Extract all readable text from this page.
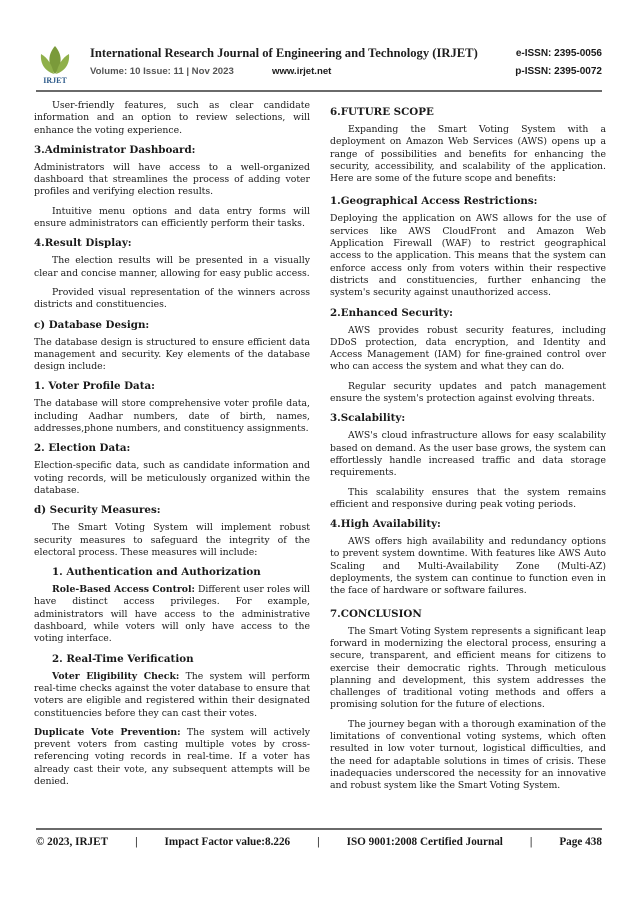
IRJET
International Research Journal of Engineering and Technology (IRJET)	e-ISSN: 2395-0056
Volume: 10 Issue: 11 | Nov 2023	www.irjet.net	p-ISSN: 2395-0072

User-friendly features, such as clear candidate information and an option to review selections, will enhance the voting experience.

3.Administrator Dashboard:

Administrators will have access to a well-organized dashboard that streamlines the process of adding voter profiles and verifying election results.

Intuitive menu options and data entry forms will ensure administrators can efficiently perform their tasks.

4.Result Display:

The election results will be presented in a visually clear and concise manner, allowing for easy public access.

Provided visual representation of the winners across districts and constituencies.

c) Database Design:

The database design is structured to ensure efficient data management and security. Key elements of the database design include:

1. Voter Profile Data:

The database will store comprehensive voter profile data, including Aadhar numbers, date of birth, names, addresses,phone numbers, and constituency assignments.

2. Election Data:

Election-specific data, such as candidate information and voting records, will be meticulously organized within the database.

d) Security Measures:

The Smart Voting System will implement robust security measures to safeguard the integrity of the electoral process. These measures will include:

1. Authentication and Authorization

Role-Based Access Control: Different user roles will have distinct access privileges. For example, administrators will have access to the administrative dashboard, while voters will only have access to the voting interface.

2. Real-Time Verification

Voter Eligibility Check: The system will perform real-time checks against the voter database to ensure that voters are eligible and registered within their designated constituencies before they can cast their votes.

Duplicate Vote Prevention: The system will actively prevent voters from casting multiple votes by cross-referencing voting records in real-time. If a voter has already cast their vote, any subsequent attempts will be denied.

6.FUTURE SCOPE

Expanding the Smart Voting System with a deployment on Amazon Web Services (AWS) opens up a range of possibilities and benefits for enhancing the security, accessibility, and scalability of the application. Here are some of the future scope and benefits:

1.Geographical Access Restrictions:

Deploying the application on AWS allows for the use of services like AWS CloudFront and Amazon Web Application Firewall (WAF) to restrict geographical access to the application. This means that the system can enforce access only from voters within their respective districts and constituencies, further enhancing the system's security against unauthorized access.

2.Enhanced Security:

AWS provides robust security features, including DDoS protection, data encryption, and Identity and Access Management (IAM) for fine-grained control over who can access the system and what they can do.

Regular security updates and patch management ensure the system's protection against evolving threats.

3.Scalability:

AWS's cloud infrastructure allows for easy scalability based on demand. As the user base grows, the system can effortlessly handle increased traffic and data storage requirements.

This scalability ensures that the system remains efficient and responsive during peak voting periods.

4.High Availability:

AWS offers high availability and redundancy options to prevent system downtime. With features like AWS Auto Scaling and Multi-Availability Zone (Multi-AZ) deployments, the system can continue to function even in the face of hardware or software failures.

7.CONCLUSION

The Smart Voting System represents a significant leap forward in modernizing the electoral process, ensuring a secure, transparent, and efficient means for citizens to exercise their democratic rights. Through meticulous planning and development, this system addresses the challenges of traditional voting methods and offers a promising solution for the future of elections.

The journey began with a thorough examination of the limitations of conventional voting systems, which often resulted in low voter turnout, logistical difficulties, and the need for adaptable solutions in times of crisis. These inadequacies underscored the necessity for an innovative and robust system like the Smart Voting System.

© 2023, IRJET | Impact Factor value:8.226 | ISO 9001:2008 Certified Journal | Page 438
